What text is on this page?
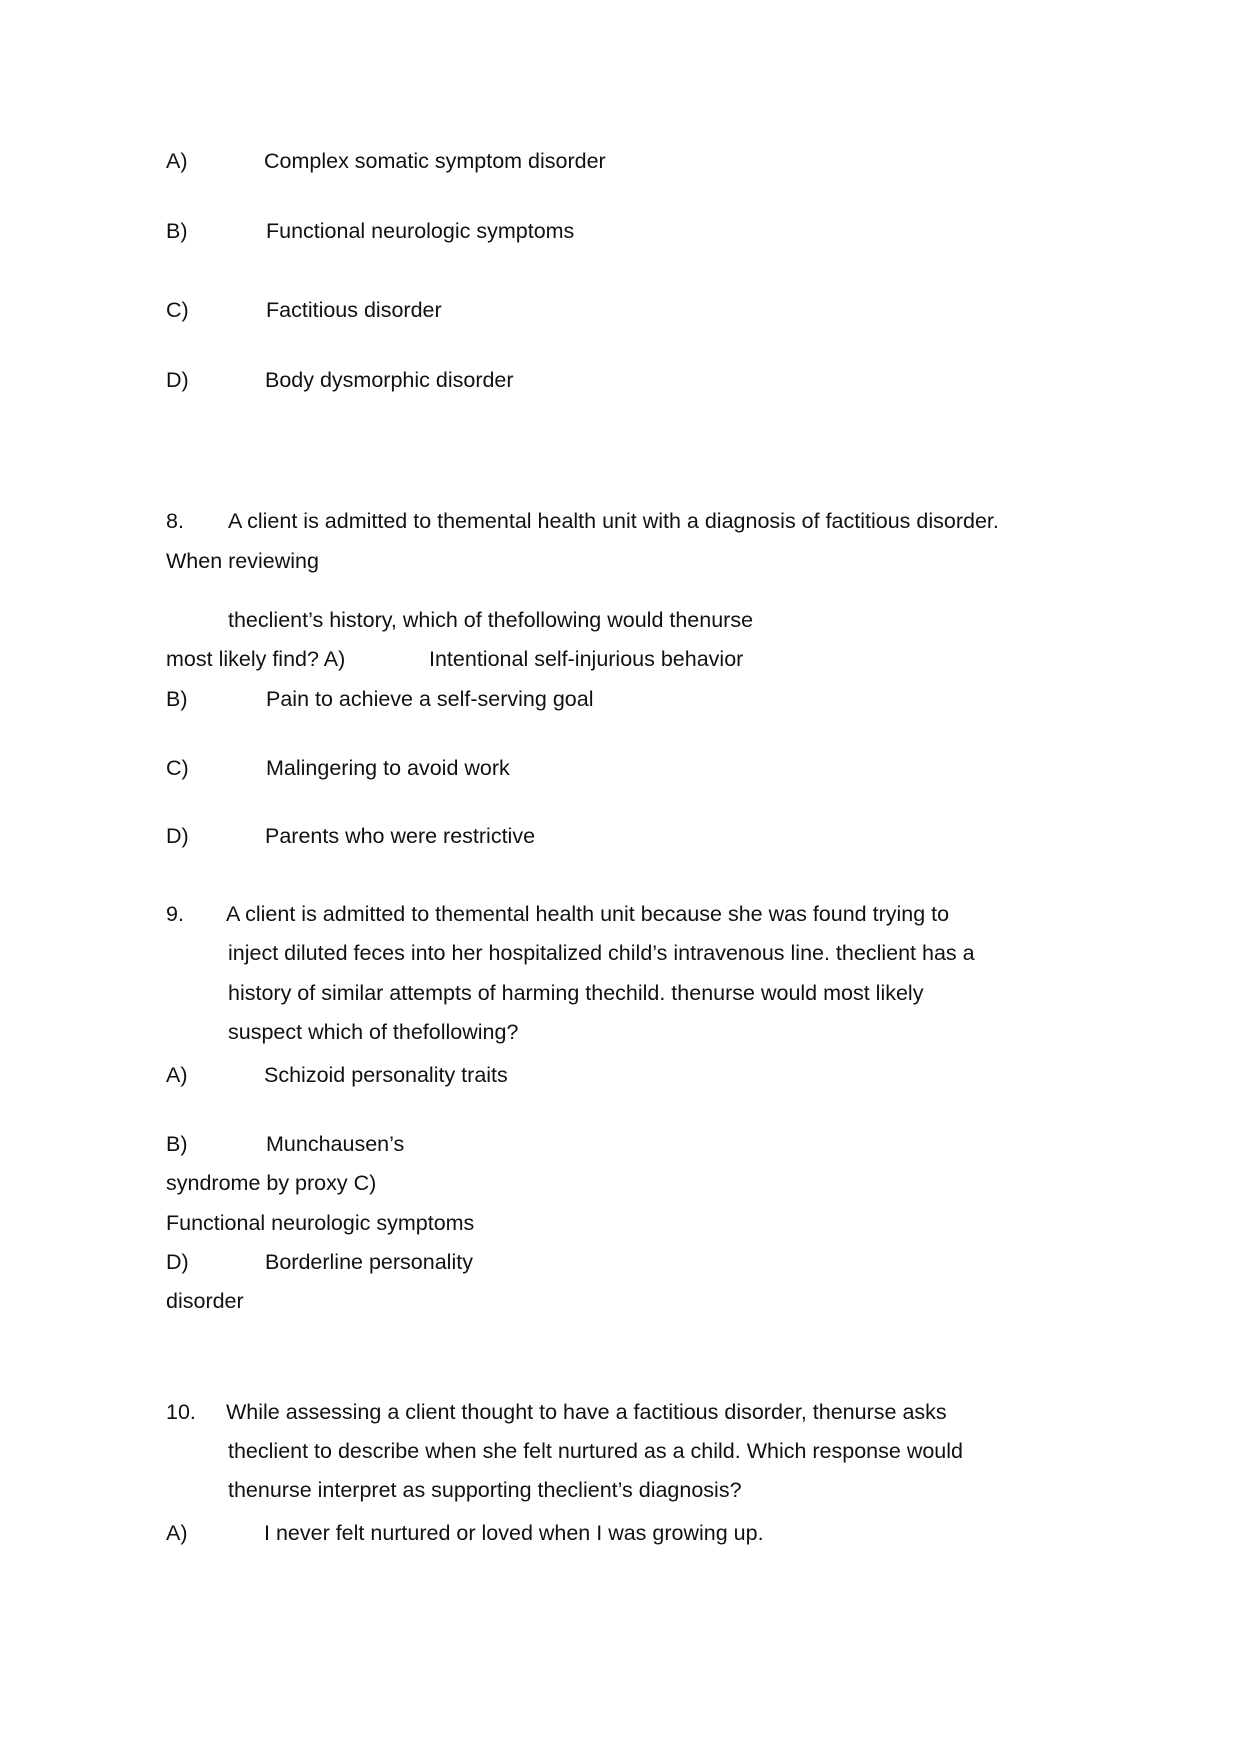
A)	Complex somatic symptom disorder
B)	Functional neurologic symptoms
C)	Factitious disorder
D)	Body dysmorphic disorder
8. A client is admitted to themental health unit with a diagnosis of factitious disorder.
When reviewing
theclient’s history, which of thefollowing would thenurse
most likely find? A)	Intentional self-injurious behavior
B)	Pain to achieve a self-serving goal
C)	Malingering to avoid work
D)	Parents who were restrictive
9. A client is admitted to themental health unit because she was found trying to
inject diluted feces into her hospitalized child’s intravenous line. theclient has a
history of similar attempts of harming thechild. thenurse would most likely
suspect which of thefollowing?
A)	Schizoid personality traits
B)	Munchausen’s
syndrome by proxy C)
Functional neurologic symptoms
D)	Borderline personality
disorder
10. While assessing a client thought to have a factitious disorder, thenurse asks
theclient to describe when she felt nurtured as a child. Which response would
thenurse interpret as supporting theclient’s diagnosis?
A)	I never felt nurtured or loved when I was growing up.
